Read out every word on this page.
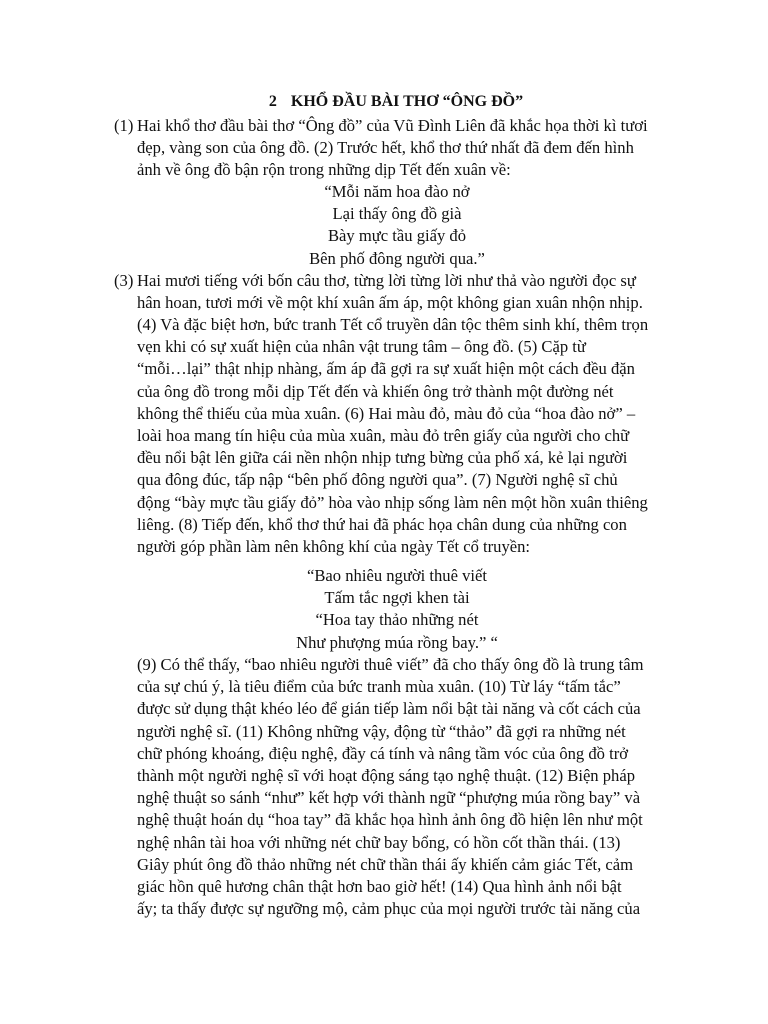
2 KHỔ ĐẦU BÀI THƠ “ÔNG ĐỒ”
(1) Hai khổ thơ đầu bài thơ “Ông đồ” của Vũ Đình Liên đã khắc họa thời kì tươi
đẹp, vàng son của ông đồ. (2) Trước hết, khổ thơ thứ nhất đã đem đến hình
ảnh về ông đồ bận rộn trong những dịp Tết đến xuân về:
“Mỗi năm hoa đào nở
Lại thấy ông đồ già
Bày mực tầu giấy đỏ
Bên phố đông người qua.”
(3) Hai mươi tiếng với bốn câu thơ, từng lời từng lời như thả vào người đọc sự
hân hoan, tươi mới về một khí xuân ấm áp, một không gian xuân nhộn nhịp.
(4) Và đặc biệt hơn, bức tranh Tết cổ truyền dân tộc thêm sinh khí, thêm trọn
vẹn khi có sự xuất hiện của nhân vật trung tâm – ông đồ. (5) Cặp từ
“mỗi…lại” thật nhịp nhàng, ấm áp đã gợi ra sự xuất hiện một cách đều đặn
của ông đồ trong mỗi dịp Tết đến và khiến ông trở thành một đường nét
không thể thiếu của mùa xuân. (6) Hai màu đỏ, màu đỏ của “hoa đào nở” –
loài hoa mang tín hiệu của mùa xuân, màu đỏ trên giấy của người cho chữ
đều nổi bật lên giữa cái nền nhộn nhịp tưng bừng của phố xá, kẻ lại người
qua đông đúc, tấp nập “bên phố đông người qua”. (7) Người nghệ sĩ chủ
động “bày mực tầu giấy đỏ” hòa vào nhịp sống làm nên một hồn xuân thiêng
liêng. (8) Tiếp đến, khổ thơ thứ hai đã phác họa chân dung của những con
người góp phần làm nên không khí của ngày Tết cổ truyền:
“Bao nhiêu người thuê viết
Tấm tắc ngợi khen tài
“Hoa tay thảo những nét
Như phượng múa rồng bay.” “
(9) Có thể thấy, “bao nhiêu người thuê viết” đã cho thấy ông đồ là trung tâm
của sự chú ý, là tiêu điểm của bức tranh mùa xuân. (10) Từ láy “tấm tắc”
được sử dụng thật khéo léo để gián tiếp làm nổi bật tài năng và cốt cách của
người nghệ sĩ. (11) Không những vậy, động từ “thảo” đã gợi ra những nét
chữ phóng khoáng, điệu nghệ, đầy cá tính và nâng tầm vóc của ông đồ trở
thành một người nghệ sĩ với hoạt động sáng tạo nghệ thuật. (12) Biện pháp
nghệ thuật so sánh “như” kết hợp với thành ngữ “phượng múa rồng bay” và
nghệ thuật hoán dụ “hoa tay” đã khắc họa hình ảnh ông đồ hiện lên như một
nghệ nhân tài hoa với những nét chữ bay bổng, có hồn cốt thần thái. (13)
Giây phút ông đồ thảo những nét chữ thần thái ấy khiến cảm giác Tết, cảm
giác hồn quê hương chân thật hơn bao giờ hết! (14) Qua hình ảnh nổi bật
ấy; ta thấy được sự ngưỡng mộ, cảm phục của mọi người trước tài năng của
